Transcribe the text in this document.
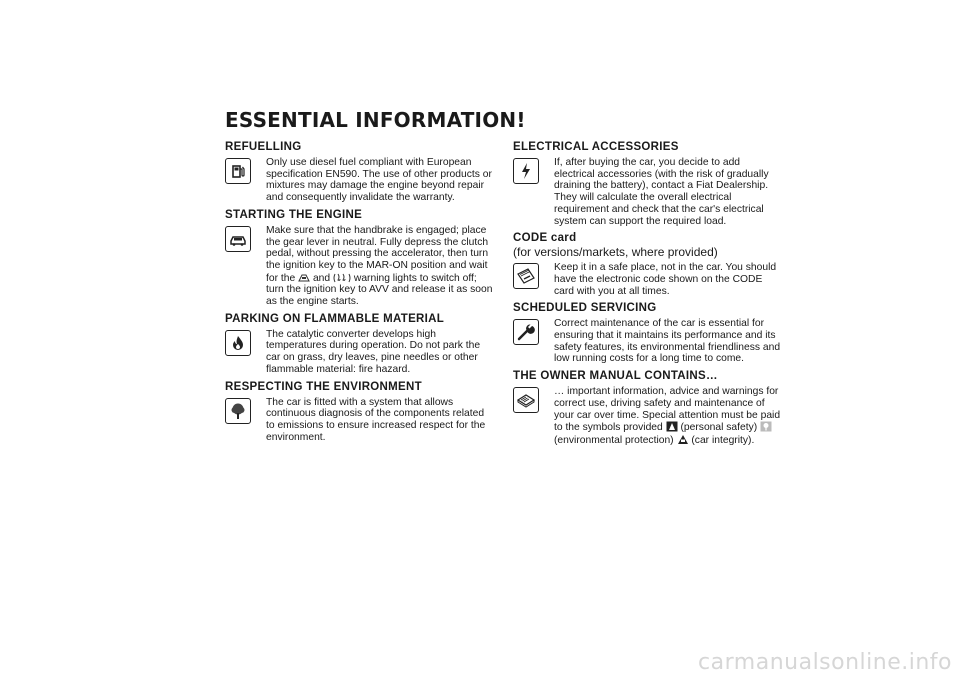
ESSENTIAL INFORMATION!
REFUELLING
Only use diesel fuel compliant with European specification EN590. The use of other products or mixtures may damage the engine beyond repair and consequently invalidate the warranty.
STARTING THE ENGINE
Make sure that the handbrake is engaged; place the gear lever in neutral. Fully depress the clutch pedal, without pressing the accelerator, then turn the ignition key to the MAR-ON position and wait for the and warning lights to switch off; turn the ignition key to AVV and release it as soon as the engine starts.
PARKING ON FLAMMABLE MATERIAL
The catalytic converter develops high temperatures during operation. Do not park the car on grass, dry leaves, pine needles or other flammable material: fire hazard.
RESPECTING THE ENVIRONMENT
The car is fitted with a system that allows continuous diagnosis of the components related to emissions to ensure increased respect for the environment.
ELECTRICAL ACCESSORIES
If, after buying the car, you decide to add electrical accessories (with the risk of gradually draining the battery), contact a Fiat Dealership. They will calculate the overall electrical requirement and check that the car's electrical system can support the required load.
CODE card
(for versions/markets, where provided)
Keep it in a safe place, not in the car. You should have the electronic code shown on the CODE card with you at all times.
SCHEDULED SERVICING
Correct maintenance of the car is essential for ensuring that it maintains its performance and its safety features, its environmental friendliness and low running costs for a long time to come.
THE OWNER MANUAL CONTAINS…
… important information, advice and warnings for correct use, driving safety and maintenance of your car over time. Special attention must be paid to the symbols provided (personal safety)  (environmental protection) (car integrity).
carmanualsonline.info
